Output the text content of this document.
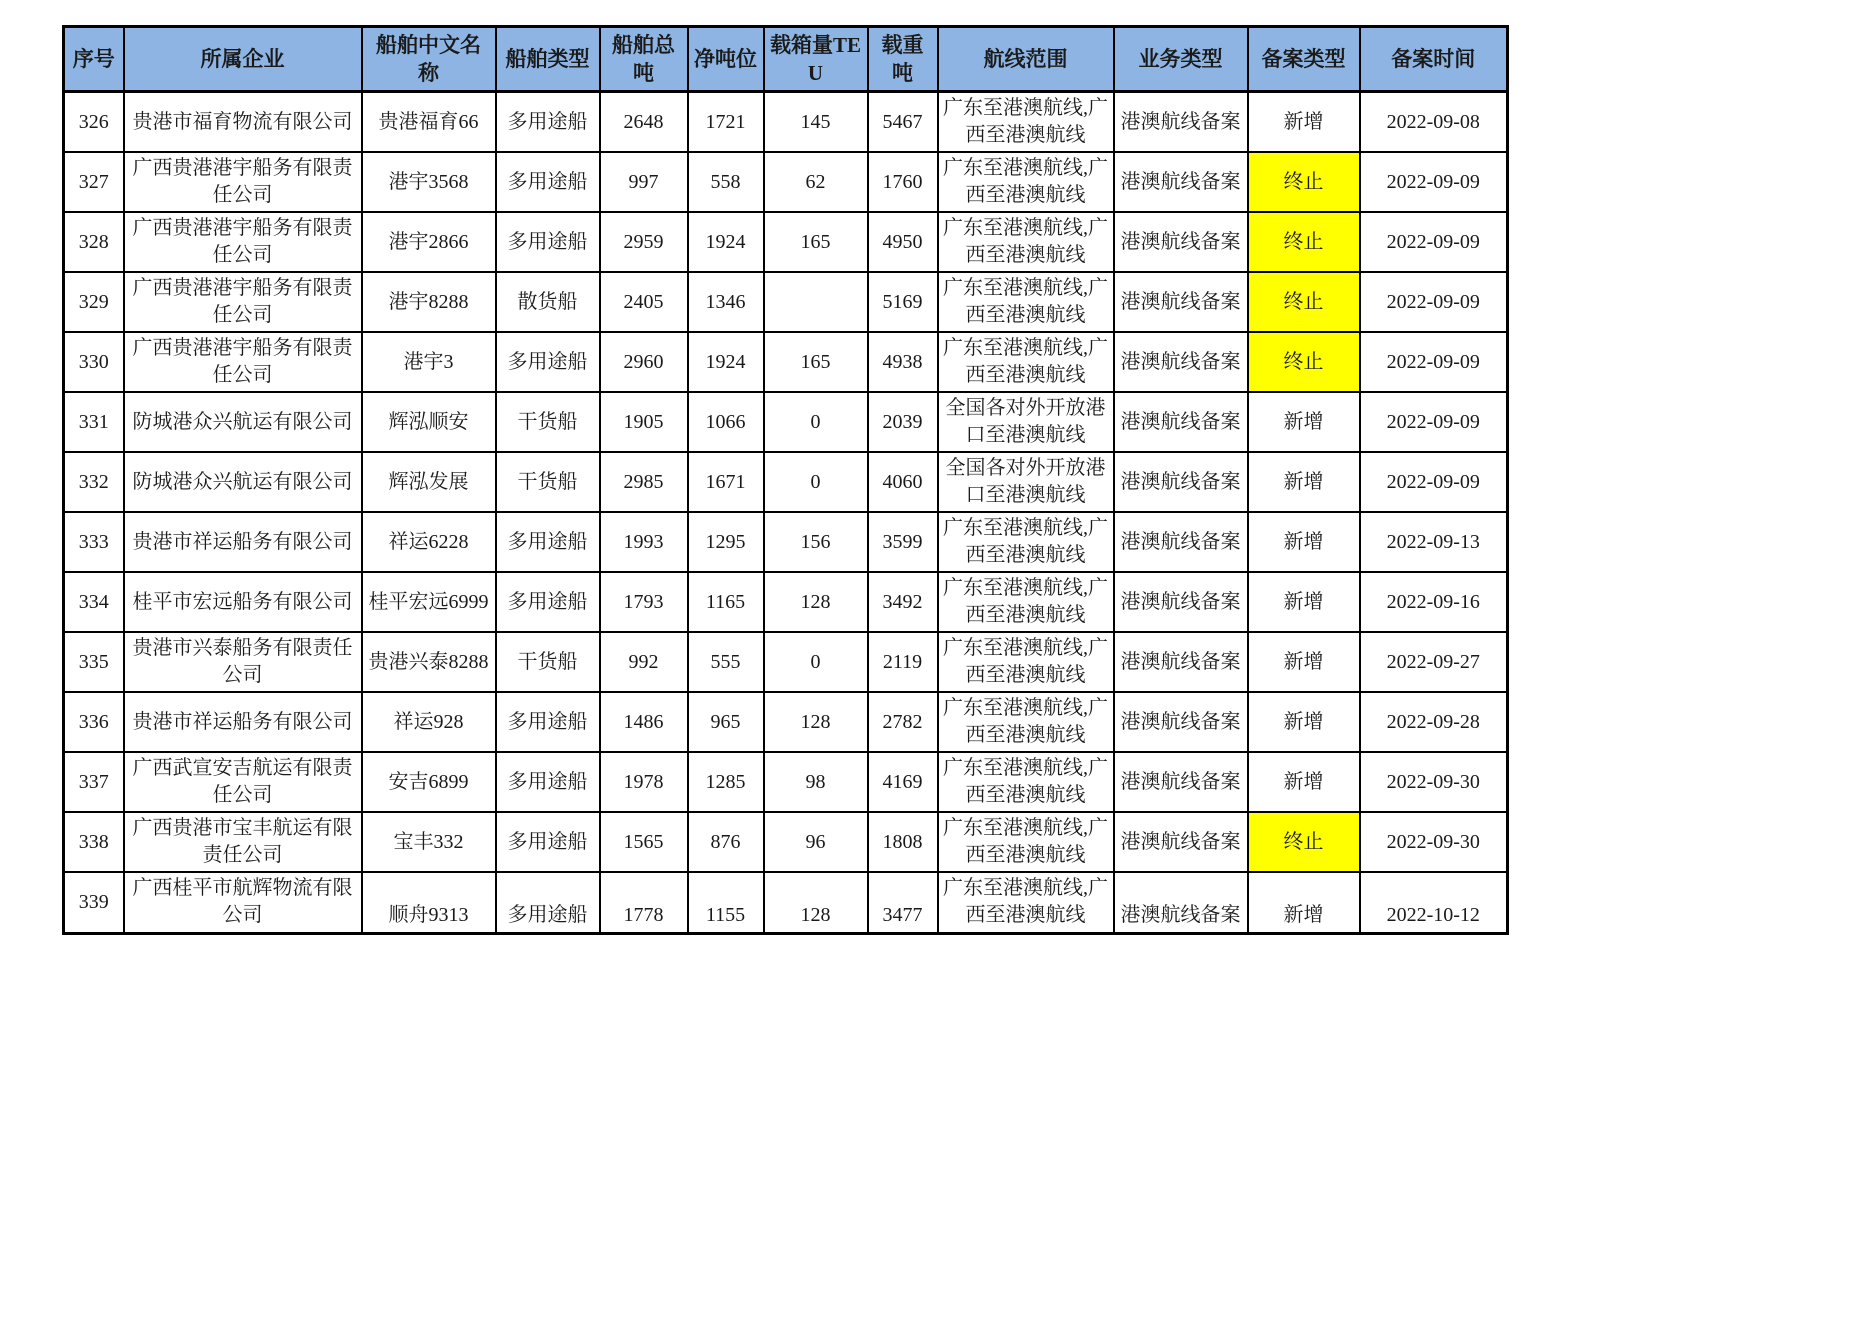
序号	所属企业	船舶中文名称	船舶类型	船舶总吨	净吨位	载箱量TEU	载重吨	航线范围	业务类型	备案类型	备案时间
326	贵港市福育物流有限公司	贵港福育66	多用途船	2648	1721	145	5467	广东至港澳航线,广西至港澳航线	港澳航线备案	新增	2022-09-08
327	广西贵港港宇船务有限责任公司	港宇3568	多用途船	997	558	62	1760	广东至港澳航线,广西至港澳航线	港澳航线备案	终止	2022-09-09
328	广西贵港港宇船务有限责任公司	港宇2866	多用途船	2959	1924	165	4950	广东至港澳航线,广西至港澳航线	港澳航线备案	终止	2022-09-09
329	广西贵港港宇船务有限责任公司	港宇8288	散货船	2405	1346		5169	广东至港澳航线,广西至港澳航线	港澳航线备案	终止	2022-09-09
330	广西贵港港宇船务有限责任公司	港宇3	多用途船	2960	1924	165	4938	广东至港澳航线,广西至港澳航线	港澳航线备案	终止	2022-09-09
331	防城港众兴航运有限公司	辉泓顺安	干货船	1905	1066	0	2039	全国各对外开放港口至港澳航线	港澳航线备案	新增	2022-09-09
332	防城港众兴航运有限公司	辉泓发展	干货船	2985	1671	0	4060	全国各对外开放港口至港澳航线	港澳航线备案	新增	2022-09-09
333	贵港市祥运船务有限公司	祥运6228	多用途船	1993	1295	156	3599	广东至港澳航线,广西至港澳航线	港澳航线备案	新增	2022-09-13
334	桂平市宏远船务有限公司	桂平宏远6999	多用途船	1793	1165	128	3492	广东至港澳航线,广西至港澳航线	港澳航线备案	新增	2022-09-16
335	贵港市兴泰船务有限责任公司	贵港兴泰8288	干货船	992	555	0	2119	广东至港澳航线,广西至港澳航线	港澳航线备案	新增	2022-09-27
336	贵港市祥运船务有限公司	祥运928	多用途船	1486	965	128	2782	广东至港澳航线,广西至港澳航线	港澳航线备案	新增	2022-09-28
337	广西武宣安吉航运有限责任公司	安吉6899	多用途船	1978	1285	98	4169	广东至港澳航线,广西至港澳航线	港澳航线备案	新增	2022-09-30
338	广西贵港市宝丰航运有限责任公司	宝丰332	多用途船	1565	876	96	1808	广东至港澳航线,广西至港澳航线	港澳航线备案	终止	2022-09-30
339	广西桂平市航辉物流有限公司	顺舟9313	多用途船	1778	1155	128	3477	广东至港澳航线,广西至港澳航线	港澳航线备案	新增	2022-10-12
